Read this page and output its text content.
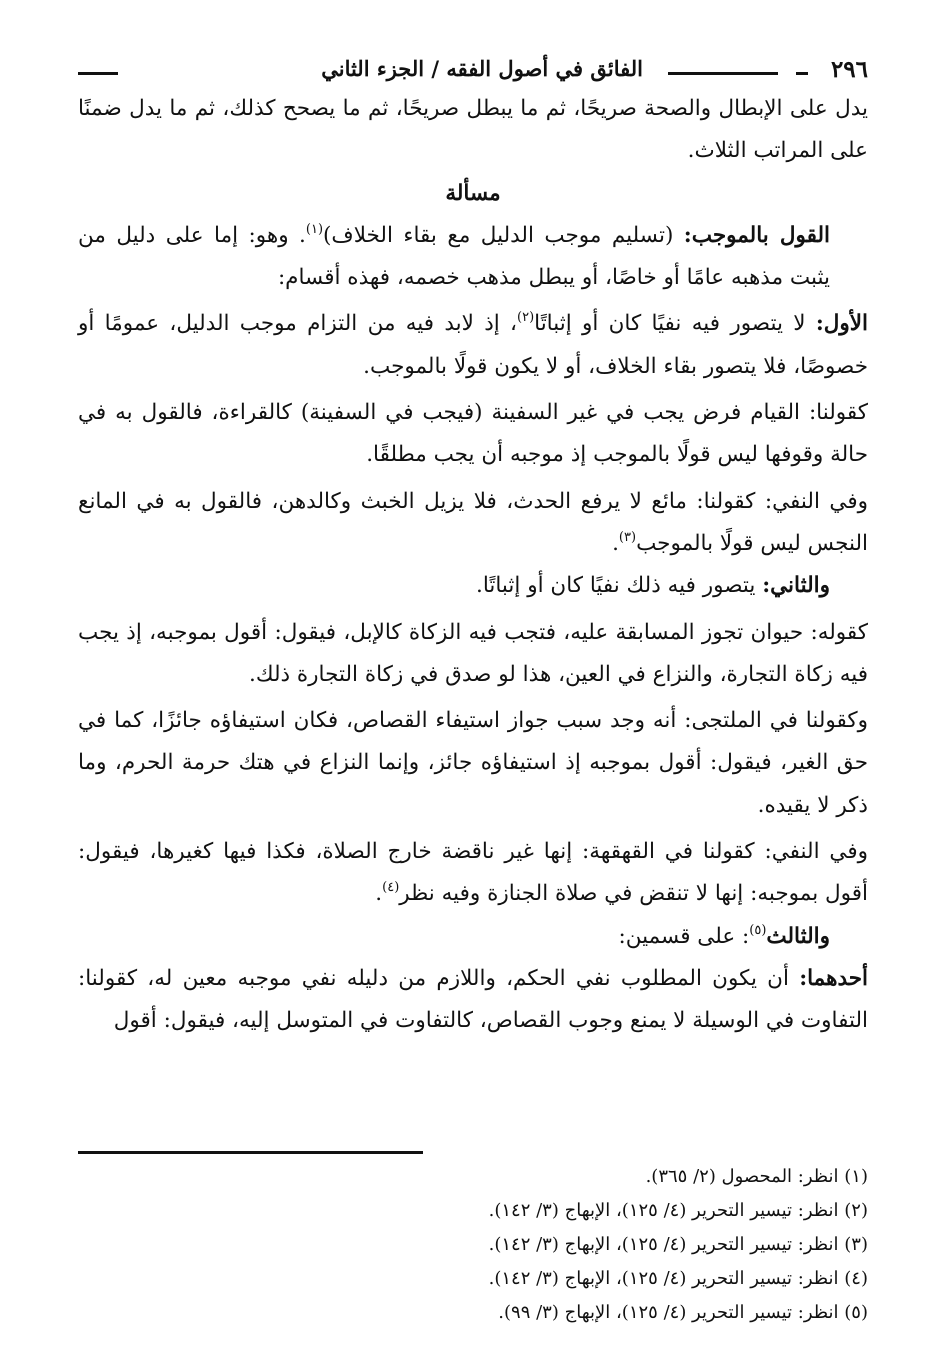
٢٩٦
الفائق في أصول الفقه / الجزء الثاني

يدل على الإبطال والصحة صريحًا، ثم ما يبطل صريحًا، ثم ما يصحح كذلك، ثم ما يدل ضمنًا على المراتب الثلاث.

مسألة

القول بالموجب: (تسليم موجب الدليل مع بقاء الخلاف)$^{(١)}$. وهو: إما على دليل من يثبت مذهبه عامًا أو خاصًا، أو يبطل مذهب خصمه، فهذه أقسام:

الأول: لا يتصور فيه نفيًا كان أو إثباتًا$^{(٢)}$، إذ لابد فيه من التزام موجب الدليل، عمومًا أو خصوصًا، فلا يتصور بقاء الخلاف، أو لا يكون قولًا بالموجب.

كقولنا: القيام فرض يجب في غير السفينة (فيجب في السفينة) كالقراءة، فالقول به في حالة وقوفها ليس قولًا بالموجب إذ موجبه أن يجب مطلقًا.

وفي النفي: كقولنا: مائع لا يرفع الحدث، فلا يزيل الخبث وكالدهن، فالقول به في المانع النجس ليس قولًا بالموجب$^{(٣)}$.

والثاني: يتصور فيه ذلك نفيًا كان أو إثباتًا.

كقوله: حيوان تجوز المسابقة عليه، فتجب فيه الزكاة كالإبل، فيقول: أقول بموجبه، إذ يجب فيه زكاة التجارة، والنزاع في العين، هذا لو صدق في زكاة التجارة ذلك.

وكقولنا في الملتجى: أنه وجد سبب جواز استيفاء القصاص، فكان استيفاؤه جائزًا، كما في حق الغير، فيقول: أقول بموجبه إذ استيفاؤه جائز، وإنما النزاع في هتك حرمة الحرم، وما ذكر لا يقيده.

وفي النفي: كقولنا في القهقهة: إنها غير ناقضة خارج الصلاة، فكذا فيها كغيرها، فيقول: أقول بموجبه: إنها لا تنقض في صلاة الجنازة وفيه نظر$^{(٤)}$.

والثالث$^{(٥)}$: على قسمين:

أحدهما: أن يكون المطلوب نفي الحكم، واللازم من دليله نفي موجبه معين له، كقولنا: التفاوت في الوسيلة لا يمنع وجوب القصاص، كالتفاوت في المتوسل إليه، فيقول: أقول

(١) انظر: المحصول (٢/ ٣٦٥).
(٢) انظر: تيسير التحرير (٤/ ١٢٥)، الإبهاج (٣/ ١٤٢).
(٣) انظر: تيسير التحرير (٤/ ١٢٥)، الإبهاج (٣/ ١٤٢).
(٤) انظر: تيسير التحرير (٤/ ١٢٥)، الإبهاج (٣/ ١٤٢).
(٥) انظر: تيسير التحرير (٤/ ١٢٥)، الإبهاج (٣/ ٩٩).
